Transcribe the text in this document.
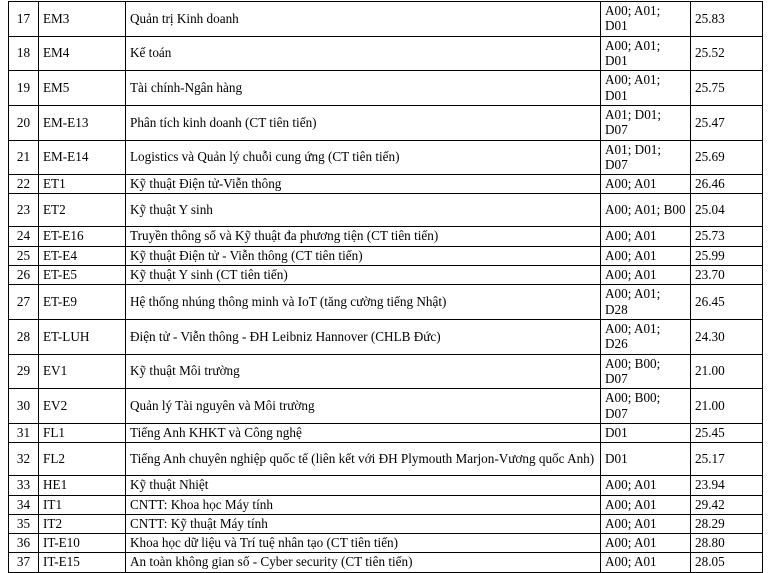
17	EM3	Quản trị Kinh doanh	A00; A01; D01	25.83
18	EM4	Kế toán	A00; A01; D01	25.52
19	EM5	Tài chính-Ngân hàng	A00; A01; D01	25.75
20	EM-E13	Phân tích kinh doanh (CT tiên tiến)	A01; D01; D07	25.47
21	EM-E14	Logistics và Quản lý chuỗi cung ứng (CT tiên tiến)	A01; D01; D07	25.69
22	ET1	Kỹ thuật Điện tử-Viễn thông	A00; A01	26.46
23	ET2	Kỹ thuật Y sinh	A00; A01; B00	25.04
24	ET-E16	Truyền thông số và Kỹ thuật đa phương tiện (CT tiên tiến)	A00; A01	25.73
25	ET-E4	Kỹ thuật Điện tử - Viễn thông (CT tiên tiến)	A00; A01	25.99
26	ET-E5	Kỹ thuật Y sinh (CT tiên tiến)	A00; A01	23.70
27	ET-E9	Hệ thống nhúng thông minh và IoT (tăng cường tiếng Nhật)	A00; A01; D28	26.45
28	ET-LUH	Điện tử - Viễn thông - ĐH Leibniz Hannover (CHLB Đức)	A00; A01; D26	24.30
29	EV1	Kỹ thuật Môi trường	A00; B00; D07	21.00
30	EV2	Quản lý Tài nguyên và Môi trường	A00; B00; D07	21.00
31	FL1	Tiếng Anh KHKT và Công nghệ	D01	25.45
32	FL2	Tiếng Anh chuyên nghiệp quốc tế (liên kết với ĐH Plymouth Marjon-Vương quốc Anh)	D01	25.17
33	HE1	Kỹ thuật Nhiệt	A00; A01	23.94
34	IT1	CNTT: Khoa học Máy tính	A00; A01	29.42
35	IT2	CNTT: Kỹ thuật Máy tính	A00; A01	28.29
36	IT-E10	Khoa học dữ liệu và Trí tuệ nhân tạo (CT tiên tiến)	A00; A01	28.80
37	IT-E15	An toàn không gian số - Cyber security (CT tiên tiến)	A00; A01	28.05
